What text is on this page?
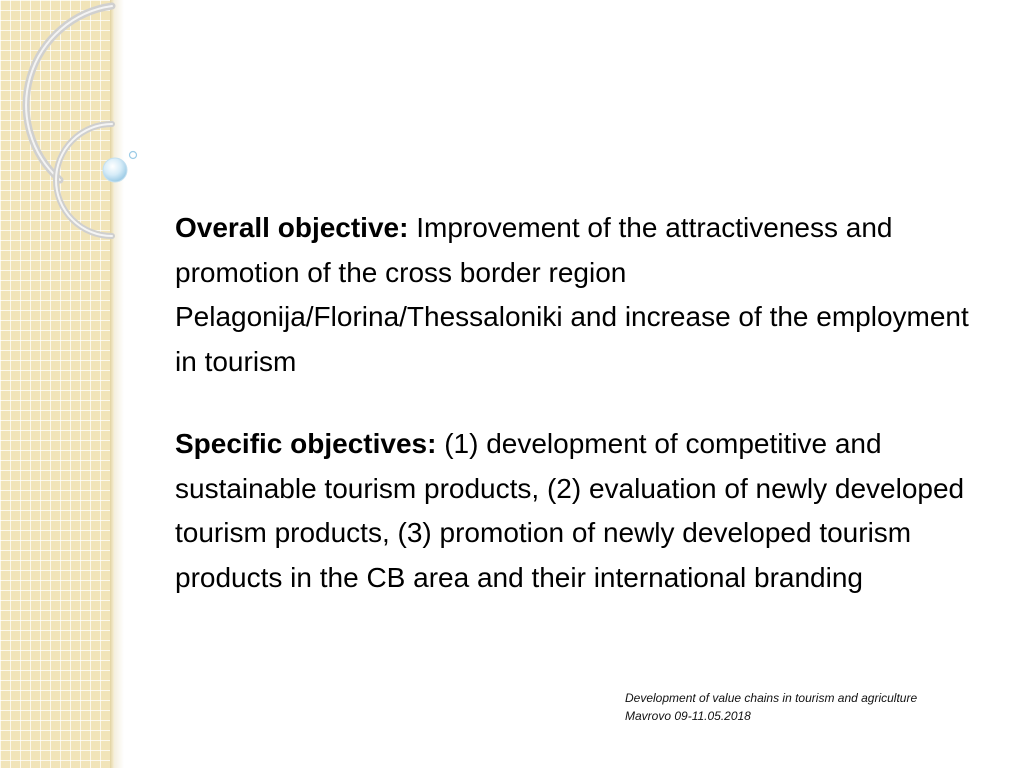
Overall objective: Improvement of the attractiveness and promotion of the cross border region Pelagonija/Florina/Thessaloniki and increase of the employment in tourism

Specific objectives: (1) development of competitive and sustainable tourism products, (2) evaluation of newly developed tourism products, (3) promotion of newly developed tourism products in the CB area and their international branding

Development of value chains in tourism and agriculture
Mavrovo 09-11.05.2018
